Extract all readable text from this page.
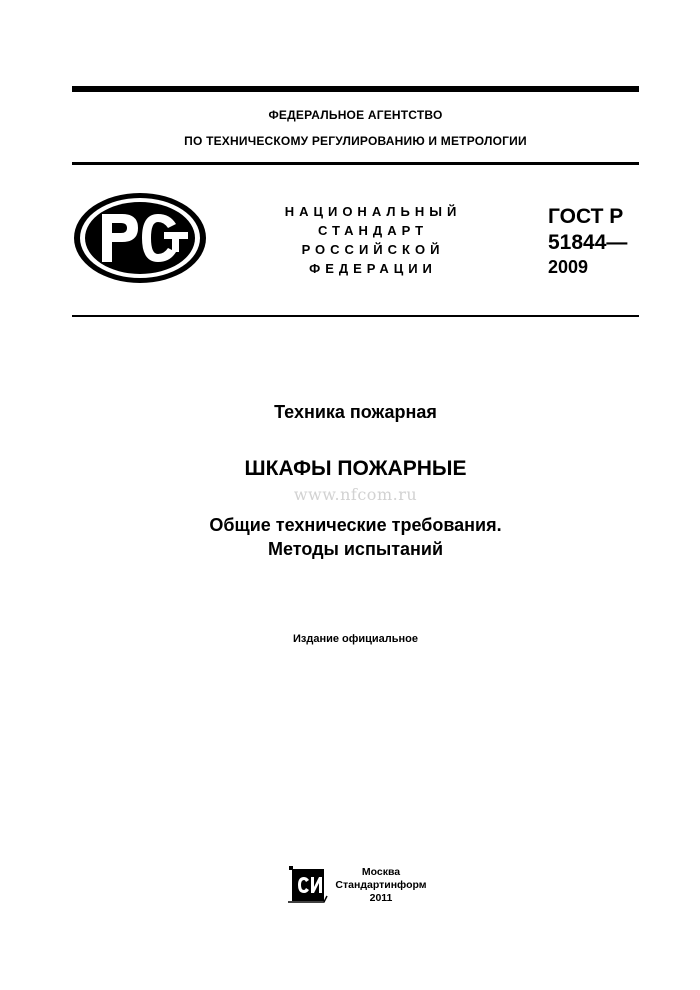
ФЕДЕРАЛЬНОЕ АГЕНТСТВО
ПО ТЕХНИЧЕСКОМУ РЕГУЛИРОВАНИЮ И МЕТРОЛОГИИ
НАЦИОНАЛЬНЫЙ
СТАНДАРТ
РОССИЙСКОЙ
ФЕДЕРАЦИИ
ГОСТ Р
51844—
2009
Техника пожарная
ШКАФЫ ПОЖАРНЫЕ
www.nfcom.ru
Общие технические требования.
Методы испытаний
Издание официальное
Москва
Стандартинформ
2011
